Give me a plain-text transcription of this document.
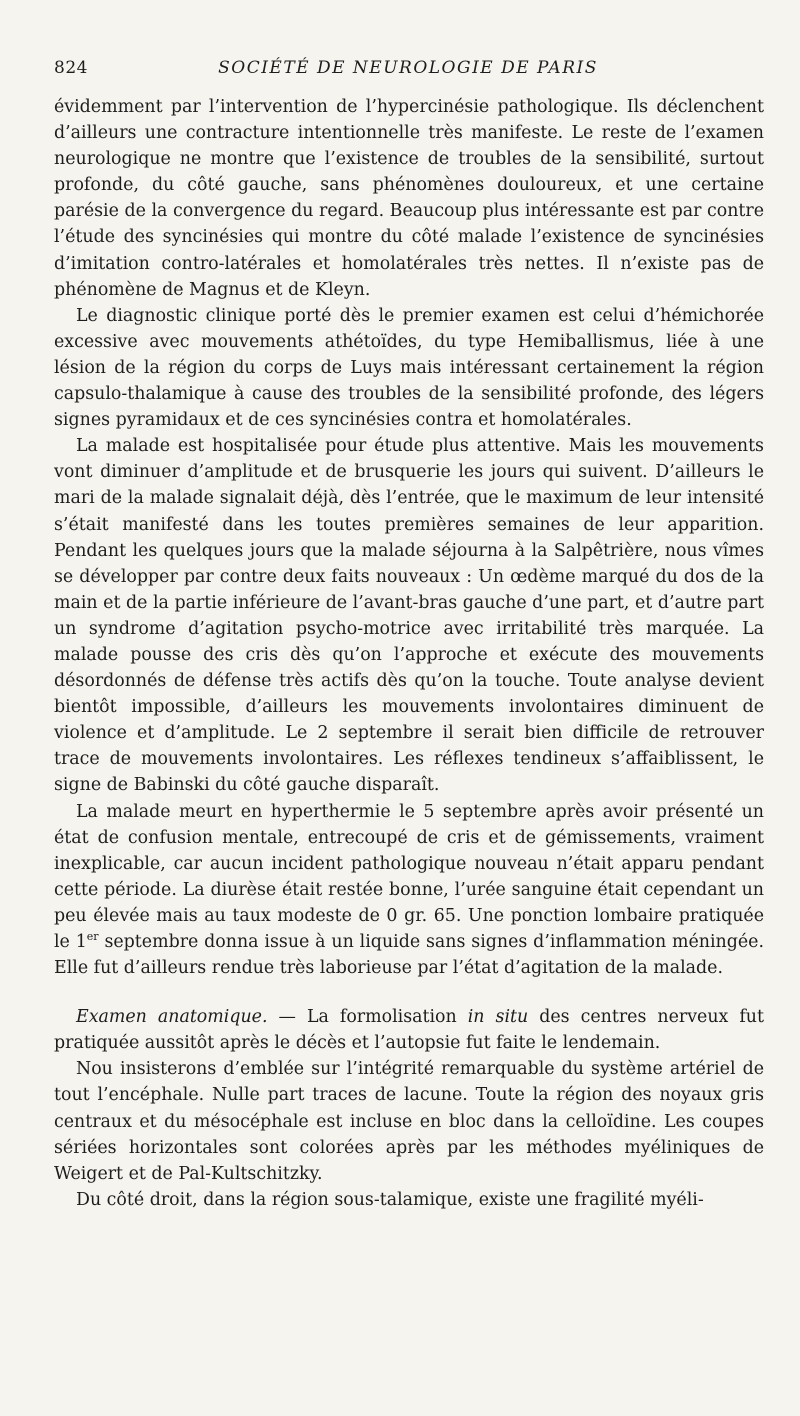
824	SOCIÉTÉ DE NEUROLOGIE DE PARIS

évidemment par l’intervention de l’hypercinésie pathologique. Ils déclenchent d’ailleurs une contracture intentionnelle très manifeste. Le reste de l’examen neurologique ne montre que l’existence de troubles de la sensibilité, surtout profonde, du côté gauche, sans phénomènes douloureux, et une certaine parésie de la convergence du regard. Beaucoup plus intéressante est par contre l’étude des syncinésies qui montre du côté malade l’existence de syncinésies d’imitation contro-latérales et homolatérales très nettes. Il n’existe pas de phénomène de Magnus et de Kleyn.

Le diagnostic clinique porté dès le premier examen est celui d’hémichorée excessive avec mouvements athétoïdes, du type Hemiballismus, liée à une lésion de la région du corps de Luys mais intéressant certainement la région capsulo-thalamique à cause des troubles de la sensibilité profonde, des légers signes pyramidaux et de ces syncinésies contra et homolatérales.

La malade est hospitalisée pour étude plus attentive. Mais les mouvements vont diminuer d’amplitude et de brusquerie les jours qui suivent. D’ailleurs le mari de la malade signalait déjà, dès l’entrée, que le maximum de leur intensité s’était manifesté dans les toutes premières semaines de leur apparition. Pendant les quelques jours que la malade séjourna à la Salpêtrière, nous vîmes se développer par contre deux faits nouveaux : Un œdème marqué du dos de la main et de la partie inférieure de l’avant-bras gauche d’une part, et d’autre part un syndrome d’agitation psycho-motrice avec irritabilité très marquée. La malade pousse des cris dès qu’on l’approche et exécute des mouvements désordonnés de défense très actifs dès qu’on la touche. Toute analyse devient bientôt impossible, d’ailleurs les mouvements involontaires diminuent de violence et d’amplitude. Le 2 septembre il serait bien difficile de retrouver trace de mouvements involontaires. Les réflexes tendineux s’affaiblissent, le signe de Babinski du côté gauche disparaît.

La malade meurt en hyperthermie le 5 septembre après avoir présenté un état de confusion mentale, entrecoupé de cris et de gémissements, vraiment inexplicable, car aucun incident pathologique nouveau n’était apparu pendant cette période. La diurèse était restée bonne, l’urée sanguine était cependant un peu élevée mais au taux modeste de 0 gr. 65. Une ponction lombaire pratiquée le 1er septembre donna issue à un liquide sans signes d’inflammation méningée. Elle fut d’ailleurs rendue très laborieuse par l’état d’agitation de la malade.

Examen anatomique. — La formolisation in situ des centres nerveux fut pratiquée aussitôt après le décès et l’autopsie fut faite le lendemain.

Nou insisterons d’emblée sur l’intégrité remarquable du système artériel de tout l’encéphale. Nulle part traces de lacune. Toute la région des noyaux gris centraux et du mésocéphale est incluse en bloc dans la celloïdine. Les coupes sériées horizontales sont colorées après par les méthodes myéliniques de Weigert et de Pal-Kultschitzky.

Du côté droit, dans la région sous-talamique, existe une fragilité myéli-
